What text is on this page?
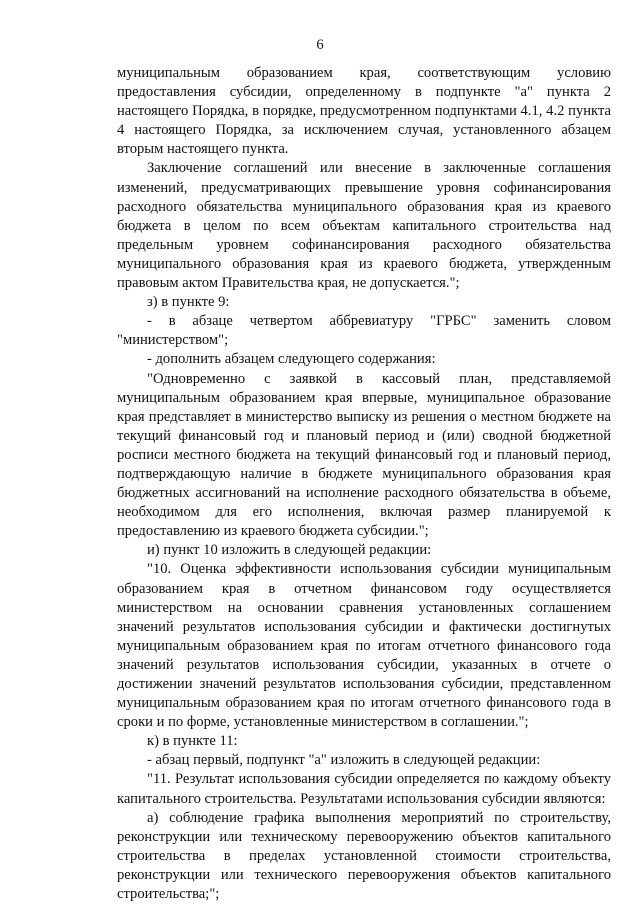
6

муниципальным образованием края, соответствующим условию предоставления субсидии, определенному в подпункте "а" пункта 2 настоящего Порядка, в порядке, предусмотренном подпунктами 4.1, 4.2 пункта 4 настоящего Порядка, за исключением случая, установленного абзацем вторым настоящего пункта.

Заключение соглашений или внесение в заключенные соглашения изменений, предусматривающих превышение уровня софинансирования расходного обязательства муниципального образования края из краевого бюджета в целом по всем объектам капитального строительства над предельным уровнем софинансирования расходного обязательства муниципального образования края из краевого бюджета, утвержденным правовым актом Правительства края, не допускается.";

з) в пункте 9:

- в абзаце четвертом аббревиатуру "ГРБС" заменить словом "министерством";

- дополнить абзацем следующего содержания:

"Одновременно с заявкой в кассовый план, представляемой муниципальным образованием края впервые, муниципальное образование края представляет в министерство выписку из решения о местном бюджете на текущий финансовый год и плановый период и (или) сводной бюджетной росписи местного бюджета на текущий финансовый год и плановый период, подтверждающую наличие в бюджете муниципального образования края бюджетных ассигнований на исполнение расходного обязательства в объеме, необходимом для его исполнения, включая размер планируемой к предоставлению из краевого бюджета субсидии.";

и) пункт 10 изложить в следующей редакции:

"10. Оценка эффективности использования субсидии муниципальным образованием края в отчетном финансовом году осуществляется министерством на основании сравнения установленных соглашением значений результатов использования субсидии и фактически достигнутых муниципальным образованием края по итогам отчетного финансового года значений результатов использования субсидии, указанных в отчете о достижении значений результатов использования субсидии, представленном муниципальным образованием края по итогам отчетного финансового года в сроки и по форме, установленные министерством в соглашении.";

к) в пункте 11:

- абзац первый, подпункт "а" изложить в следующей редакции:

"11. Результат использования субсидии определяется по каждому объекту капитального строительства. Результатами использования субсидии являются:

а) соблюдение графика выполнения мероприятий по строительству, реконструкции или техническому перевооружению объектов капитального строительства в пределах установленной стоимости строительства, реконструкции или технического перевооружения объектов капитального строительства;";
